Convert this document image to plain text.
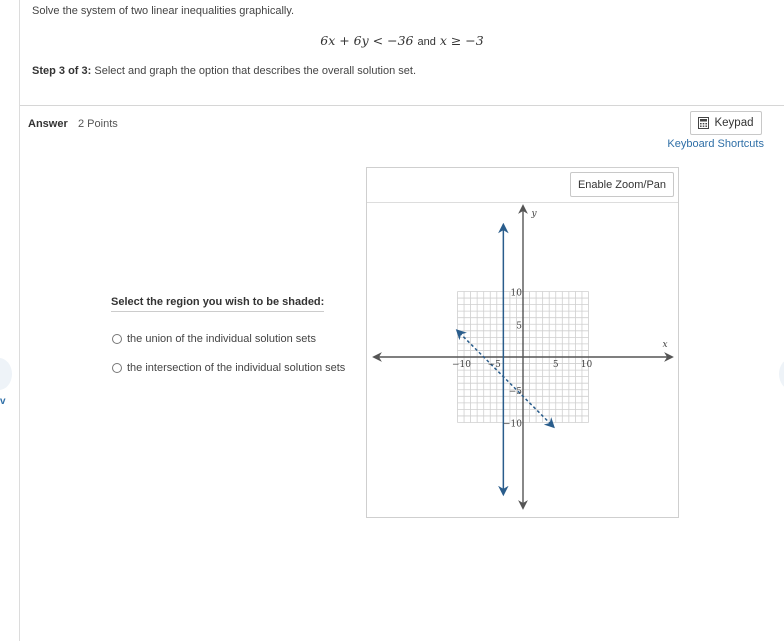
v
Solve the system of two linear inequalities graphically.
6x + 6y < −36 and x ≥ −3
Step 3 of 3: Select and graph the option that describes the overall solution set.
Answer 2 Points	Keypad
Keyboard Shortcuts
Select the region you wish to be shaded:
the union of the individual solution sets
the intersection of the individual solution sets
Enable Zoom/Pan
−10 −5	5 10
10
5
−5
−10
x
y
